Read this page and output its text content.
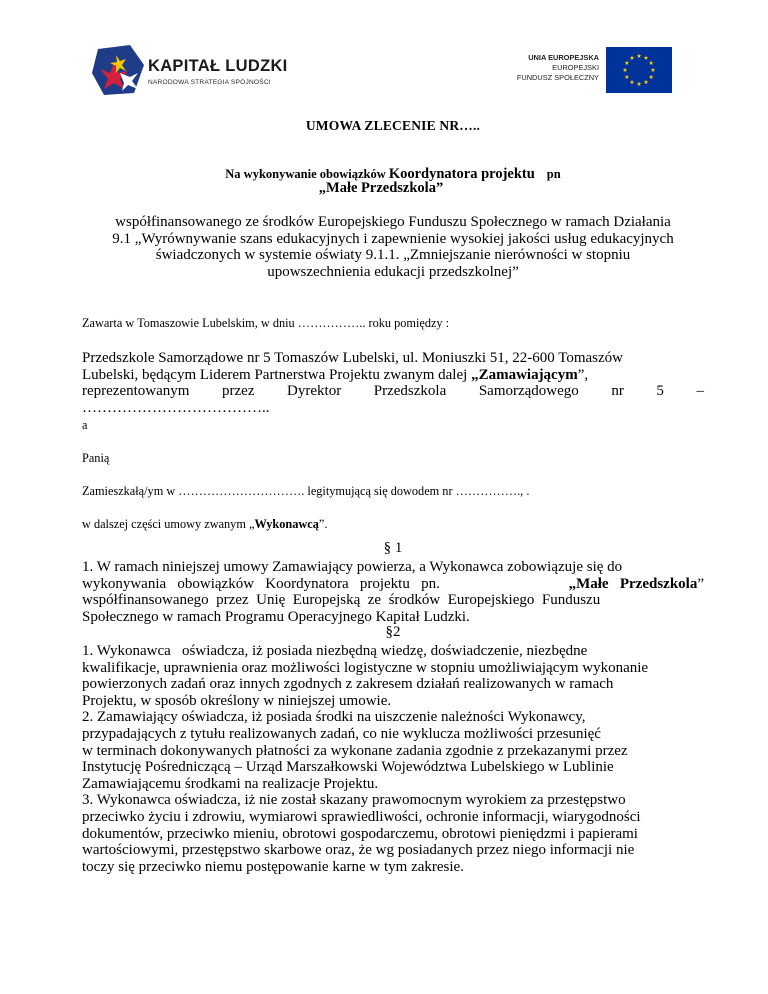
KAPITAŁ LUDZKI
NARODOWA STRATEGIA SPÓJNOŚCI
UNIA EUROPEJSKA
EUROPEJSKI
FUNDUSZ SPOŁECZNY
UMOWA ZLECENIE NR…..
Na wykonywanie obowiązków Koordynatora projektu pn
„Małe Przedszkola”
współfinansowanego ze środków Europejskiego Funduszu Społecznego w ramach Działania
9.1 „Wyrównywanie szans edukacyjnych i zapewnienie wysokiej jakości usług edukacyjnych
świadczonych w systemie oświaty 9.1.1. „Zmniejszanie nierówności w stopniu
upowszechnienia edukacji przedszkolnej”
Zawarta w Tomaszowie Lubelskim, w dniu …………….. roku pomiędzy :
Przedszkole Samorządowe nr 5 Tomaszów Lubelski, ul. Moniuszki 51, 22-600 Tomaszów
Lubelski, będącym Liderem Partnerstwa Projektu zwanym dalej „Zamawiającym”,
reprezentowanym przez Dyrektor Przedszkola Samorządowego nr 5 –
………………………………..
a
Panią
Zamieszkałą/ym w …………………………. legitymującą się dowodem nr ……………., .
w dalszej części umowy zwanym „Wykonawcą”.
§ 1
1. W ramach niniejszej umowy Zamawiający powierza, a Wykonawca zobowiązuje się do
wykonywania   obowiązków   Koordynatora   projektu   pn.	„Małe   Przedszkola”
współfinansowanego  przez  Unię  Europejską  ze  środków  Europejskiego  Funduszu
Społecznego w ramach Programu Operacyjnego Kapitał Ludzki.
§2
1. Wykonawca   oświadcza, iż posiada niezbędną wiedzę, doświadczenie, niezbędne
kwalifikacje, uprawnienia oraz możliwości logistyczne w stopniu umożliwiającym wykonanie
powierzonych zadań oraz innych zgodnych z zakresem działań realizowanych w ramach
Projektu, w sposób określony w niniejszej umowie.
2. Zamawiający oświadcza, iż posiada środki na uiszczenie należności Wykonawcy,
przypadających z tytułu realizowanych zadań, co nie wyklucza możliwości przesunięć
w terminach dokonywanych płatności za wykonane zadania zgodnie z przekazanymi przez
Instytucję Pośredniczącą – Urząd Marszałkowski Województwa Lubelskiego w Lublinie
Zamawiającemu środkami na realizacje Projektu.
3. Wykonawca oświadcza, iż nie został skazany prawomocnym wyrokiem za przestępstwo
przeciwko życiu i zdrowiu, wymiarowi sprawiedliwości, ochronie informacji, wiarygodności
dokumentów, przeciwko mieniu, obrotowi gospodarczemu, obrotowi pieniędzmi i papierami
wartościowymi, przestępstwo skarbowe oraz, że wg posiadanych przez niego informacji nie
toczy się przeciwko niemu postępowanie karne w tym zakresie.
